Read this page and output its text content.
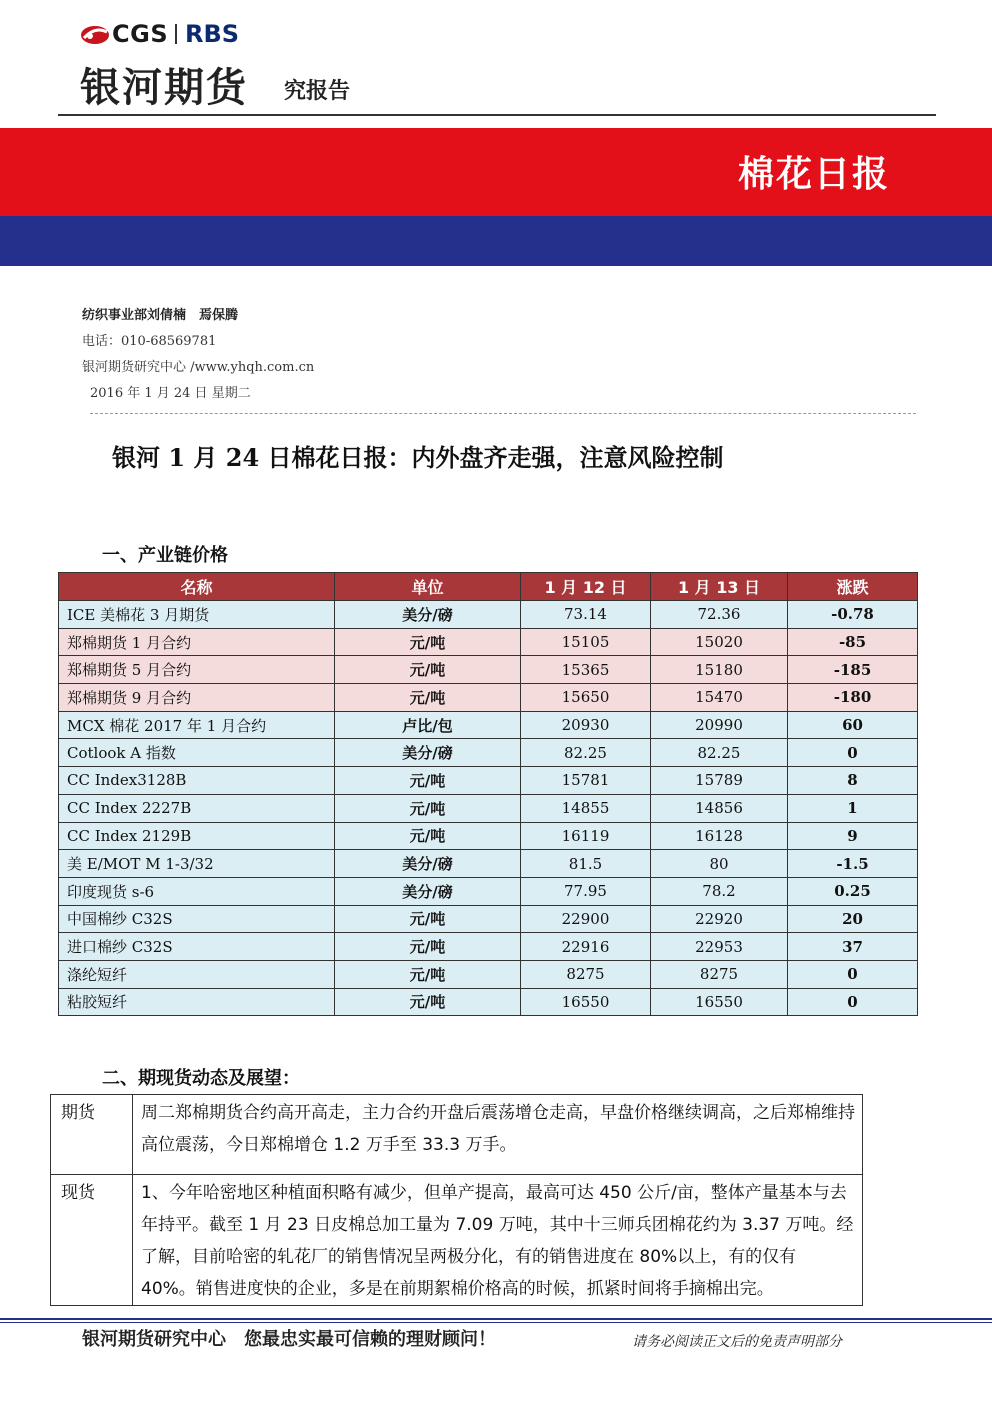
CGS RBS
银河期货 究报告
棉花日报
纺织事业部刘倩楠　焉保腾
电话：010-68569781
银河期货研究中心 /www.yhqh.com.cn
2016 年 1 月 24 日 星期二
银河 1 月 24 日棉花日报：内外盘齐走强，注意风险控制
一、产业链价格
名称	单位	1 月 12 日	1 月 13 日	涨跌
ICE 美棉花 3 月期货	美分/磅	73.14	72.36	-0.78
郑棉期货 1 月合约	元/吨	15105	15020	-85
郑棉期货 5 月合约	元/吨	15365	15180	-185
郑棉期货 9 月合约	元/吨	15650	15470	-180
MCX 棉花 2017 年 1 月合约	卢比/包	20930	20990	60
Cotlook A 指数	美分/磅	82.25	82.25	0
CC Index3128B	元/吨	15781	15789	8
CC Index 2227B	元/吨	14855	14856	1
CC Index 2129B	元/吨	16119	16128	9
美 E/MOT M 1-3/32	美分/磅	81.5	80	-1.5
印度现货 s-6	美分/磅	77.95	78.2	0.25
中国棉纱 C32S	元/吨	22900	22920	20
进口棉纱 C32S	元/吨	22916	22953	37
涤纶短纤	元/吨	8275	8275	0
粘胶短纤	元/吨	16550	16550	0
二、期现货动态及展望：
期货	周二郑棉期货合约高开高走，主力合约开盘后震荡增仓走高，早盘价格继续调高，之后郑棉维持高位震荡，今日郑棉增仓 1.2 万手至 33.3 万手。
现货	1、今年哈密地区种植面积略有减少，但单产提高，最高可达 450 公斤/亩，整体产量基本与去年持平。截至 1 月 23 日皮棉总加工量为 7.09 万吨，其中十三师兵团棉花约为 3.37 万吨。经了解，目前哈密的轧花厂的销售情况呈两极分化，有的销售进度在 80%以上，有的仅有 40%。销售进度快的企业，多是在前期絮棉价格高的时候，抓紧时间将手摘棉出完。
银河期货研究中心　您最忠实最可信赖的理财顾问！	请务必阅读正文后的免责声明部分
